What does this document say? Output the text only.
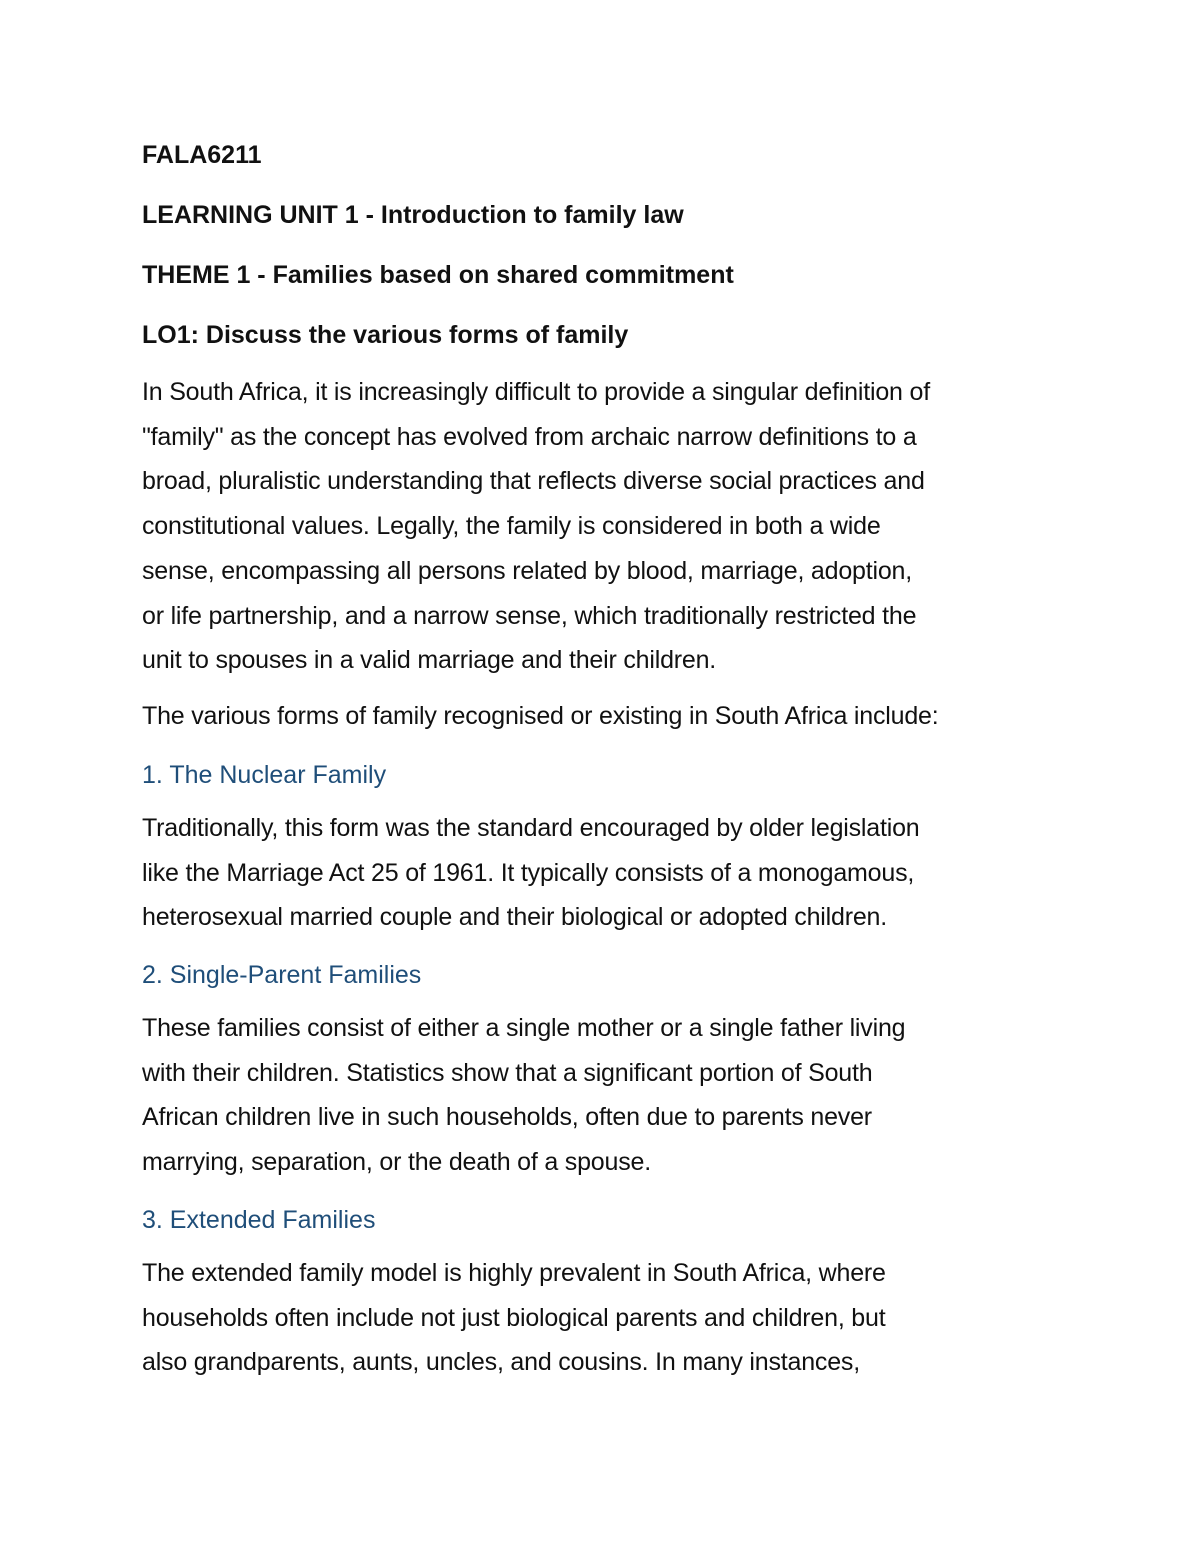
FALA6211
LEARNING UNIT 1 - Introduction to family law
THEME 1 - Families based on shared commitment
LO1: Discuss the various forms of family
In South Africa, it is increasingly difficult to provide a singular definition of
"family" as the concept has evolved from archaic narrow definitions to a
broad, pluralistic understanding that reflects diverse social practices and
constitutional values. Legally, the family is considered in both a wide
sense, encompassing all persons related by blood, marriage, adoption,
or life partnership, and a narrow sense, which traditionally restricted the
unit to spouses in a valid marriage and their children.
The various forms of family recognised or existing in South Africa include:
1. The Nuclear Family
Traditionally, this form was the standard encouraged by older legislation
like the Marriage Act 25 of 1961. It typically consists of a monogamous,
heterosexual married couple and their biological or adopted children.
2. Single-Parent Families
These families consist of either a single mother or a single father living
with their children. Statistics show that a significant portion of South
African children live in such households, often due to parents never
marrying, separation, or the death of a spouse.
3. Extended Families
The extended family model is highly prevalent in South Africa, where
households often include not just biological parents and children, but
also grandparents, aunts, uncles, and cousins. In many instances,
